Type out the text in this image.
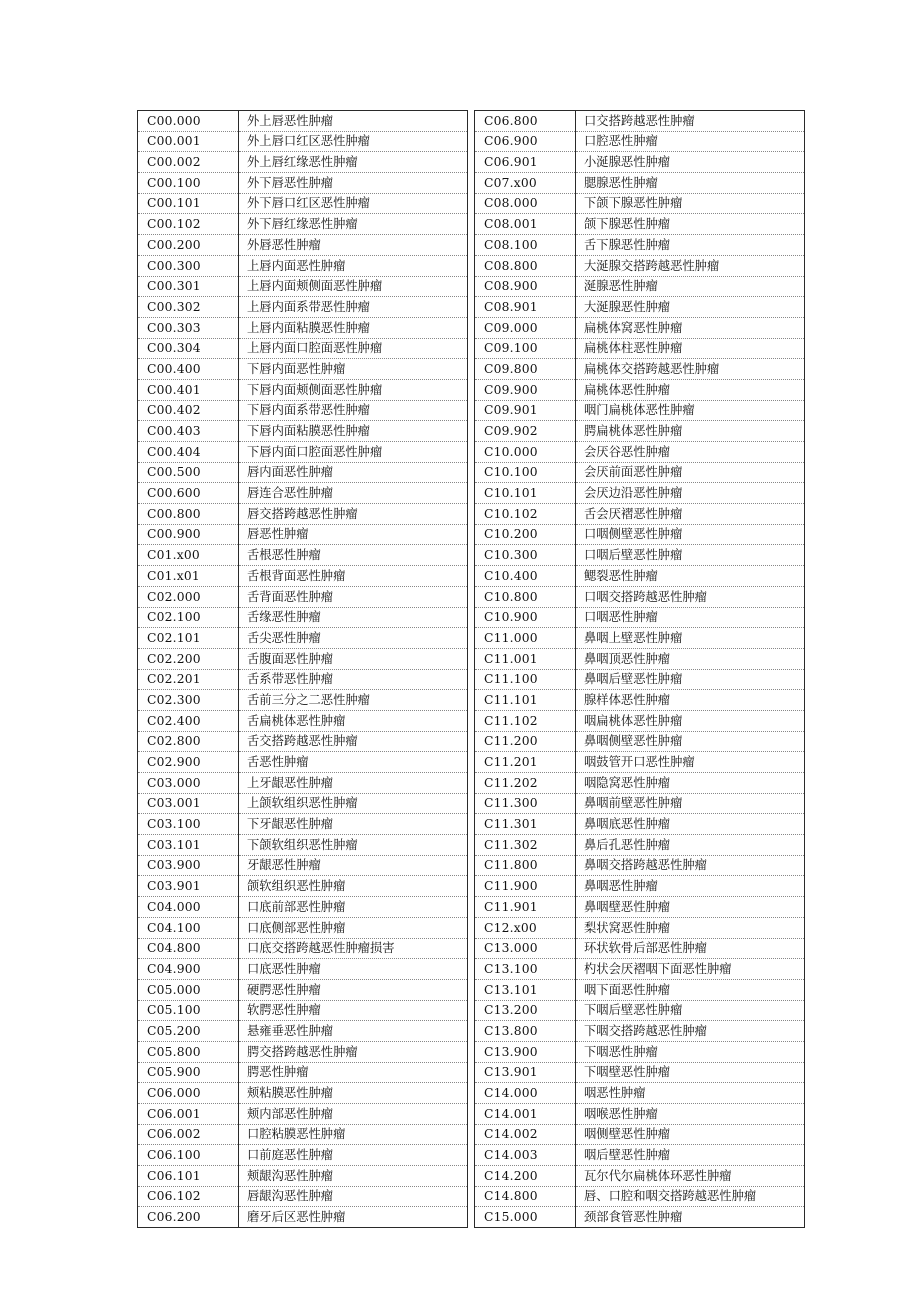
C00.000	外上唇恶性肿瘤
C00.001	外上唇口红区恶性肿瘤
C00.002	外上唇红缘恶性肿瘤
C00.100	外下唇恶性肿瘤
C00.101	外下唇口红区恶性肿瘤
C00.102	外下唇红缘恶性肿瘤
C00.200	外唇恶性肿瘤
C00.300	上唇内面恶性肿瘤
C00.301	上唇内面颊侧面恶性肿瘤
C00.302	上唇内面系带恶性肿瘤
C00.303	上唇内面粘膜恶性肿瘤
C00.304	上唇内面口腔面恶性肿瘤
C00.400	下唇内面恶性肿瘤
C00.401	下唇内面颊侧面恶性肿瘤
C00.402	下唇内面系带恶性肿瘤
C00.403	下唇内面粘膜恶性肿瘤
C00.404	下唇内面口腔面恶性肿瘤
C00.500	唇内面恶性肿瘤
C00.600	唇连合恶性肿瘤
C00.800	唇交搭跨越恶性肿瘤
C00.900	唇恶性肿瘤
C01.x00	舌根恶性肿瘤
C01.x01	舌根背面恶性肿瘤
C02.000	舌背面恶性肿瘤
C02.100	舌缘恶性肿瘤
C02.101	舌尖恶性肿瘤
C02.200	舌腹面恶性肿瘤
C02.201	舌系带恶性肿瘤
C02.300	舌前三分之二恶性肿瘤
C02.400	舌扁桃体恶性肿瘤
C02.800	舌交搭跨越恶性肿瘤
C02.900	舌恶性肿瘤
C03.000	上牙龈恶性肿瘤
C03.001	上颌软组织恶性肿瘤
C03.100	下牙龈恶性肿瘤
C03.101	下颌软组织恶性肿瘤
C03.900	牙龈恶性肿瘤
C03.901	颌软组织恶性肿瘤
C04.000	口底前部恶性肿瘤
C04.100	口底侧部恶性肿瘤
C04.800	口底交搭跨越恶性肿瘤损害
C04.900	口底恶性肿瘤
C05.000	硬腭恶性肿瘤
C05.100	软腭恶性肿瘤
C05.200	悬雍垂恶性肿瘤
C05.800	腭交搭跨越恶性肿瘤
C05.900	腭恶性肿瘤
C06.000	颊粘膜恶性肿瘤
C06.001	颊内部恶性肿瘤
C06.002	口腔粘膜恶性肿瘤
C06.100	口前庭恶性肿瘤
C06.101	颊龈沟恶性肿瘤
C06.102	唇龈沟恶性肿瘤
C06.200	磨牙后区恶性肿瘤
C06.800	口交搭跨越恶性肿瘤
C06.900	口腔恶性肿瘤
C06.901	小涎腺恶性肿瘤
C07.x00	腮腺恶性肿瘤
C08.000	下颌下腺恶性肿瘤
C08.001	颌下腺恶性肿瘤
C08.100	舌下腺恶性肿瘤
C08.800	大涎腺交搭跨越恶性肿瘤
C08.900	涎腺恶性肿瘤
C08.901	大涎腺恶性肿瘤
C09.000	扁桃体窝恶性肿瘤
C09.100	扁桃体柱恶性肿瘤
C09.800	扁桃体交搭跨越恶性肿瘤
C09.900	扁桃体恶性肿瘤
C09.901	咽门扁桃体恶性肿瘤
C09.902	腭扁桃体恶性肿瘤
C10.000	会厌谷恶性肿瘤
C10.100	会厌前面恶性肿瘤
C10.101	会厌边沿恶性肿瘤
C10.102	舌会厌褶恶性肿瘤
C10.200	口咽侧壁恶性肿瘤
C10.300	口咽后壁恶性肿瘤
C10.400	鳃裂恶性肿瘤
C10.800	口咽交搭跨越恶性肿瘤
C10.900	口咽恶性肿瘤
C11.000	鼻咽上壁恶性肿瘤
C11.001	鼻咽顶恶性肿瘤
C11.100	鼻咽后壁恶性肿瘤
C11.101	腺样体恶性肿瘤
C11.102	咽扁桃体恶性肿瘤
C11.200	鼻咽侧壁恶性肿瘤
C11.201	咽鼓管开口恶性肿瘤
C11.202	咽隐窝恶性肿瘤
C11.300	鼻咽前壁恶性肿瘤
C11.301	鼻咽底恶性肿瘤
C11.302	鼻后孔恶性肿瘤
C11.800	鼻咽交搭跨越恶性肿瘤
C11.900	鼻咽恶性肿瘤
C11.901	鼻咽壁恶性肿瘤
C12.x00	梨状窝恶性肿瘤
C13.000	环状软骨后部恶性肿瘤
C13.100	杓状会厌褶咽下面恶性肿瘤
C13.101	咽下面恶性肿瘤
C13.200	下咽后壁恶性肿瘤
C13.800	下咽交搭跨越恶性肿瘤
C13.900	下咽恶性肿瘤
C13.901	下咽壁恶性肿瘤
C14.000	咽恶性肿瘤
C14.001	咽喉恶性肿瘤
C14.002	咽侧壁恶性肿瘤
C14.003	咽后壁恶性肿瘤
C14.200	瓦尔代尔扁桃体环恶性肿瘤
C14.800	唇、口腔和咽交搭跨越恶性肿瘤
C15.000	颈部食管恶性肿瘤
